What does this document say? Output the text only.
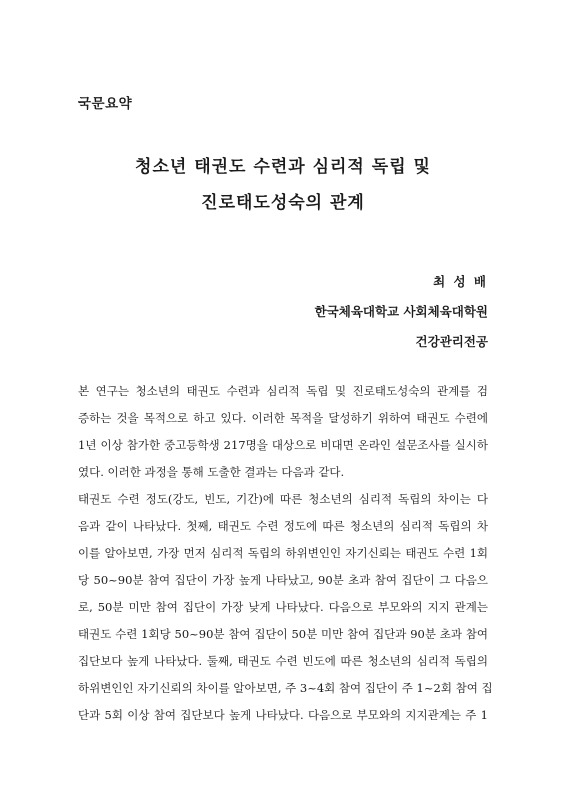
국문요약
청소년 태권도 수련과 심리적 독립 및
진로태도성숙의 관계
최 성 배
한국체육대학교 사회체육대학원
건강관리전공
본 연구는 청소년의 태권도 수련과 심리적 독립 및 진로태도성숙의 관계를 검
증하는 것을 목적으로 하고 있다. 이러한 목적을 달성하기 위하여 태권도 수련에
1년 이상 참가한 중고등학생 217명을 대상으로 비대면 온라인 설문조사를 실시하
였다. 이러한 과정을 통해 도출한 결과는 다음과 같다.
태권도 수련 정도(강도, 빈도, 기간)에 따른 청소년의 심리적 독립의 차이는 다
음과 같이 나타났다. 첫째, 태권도 수련 정도에 따른 청소년의 심리적 독립의 차
이를 알아보면, 가장 먼저 심리적 독립의 하위변인인 자기신뢰는 태권도 수련 1회
당 50~90분 참여 집단이 가장 높게 나타났고, 90분 초과 참여 집단이 그 다음으
로, 50분 미만 참여 집단이 가장 낮게 나타났다. 다음으로 부모와의 지지 관계는
태권도 수련 1회당 50~90분 참여 집단이 50분 미만 참여 집단과 90분 초과 참여
집단보다 높게 나타났다. 둘째, 태권도 수련 빈도에 따른 청소년의 심리적 독립의
하위변인인 자기신뢰의 차이를 알아보면, 주 3~4회 참여 집단이 주 1~2회 참여 집
단과 5회 이상 참여 집단보다 높게 나타났다. 다음으로 부모와의 지지관계는 주 1
